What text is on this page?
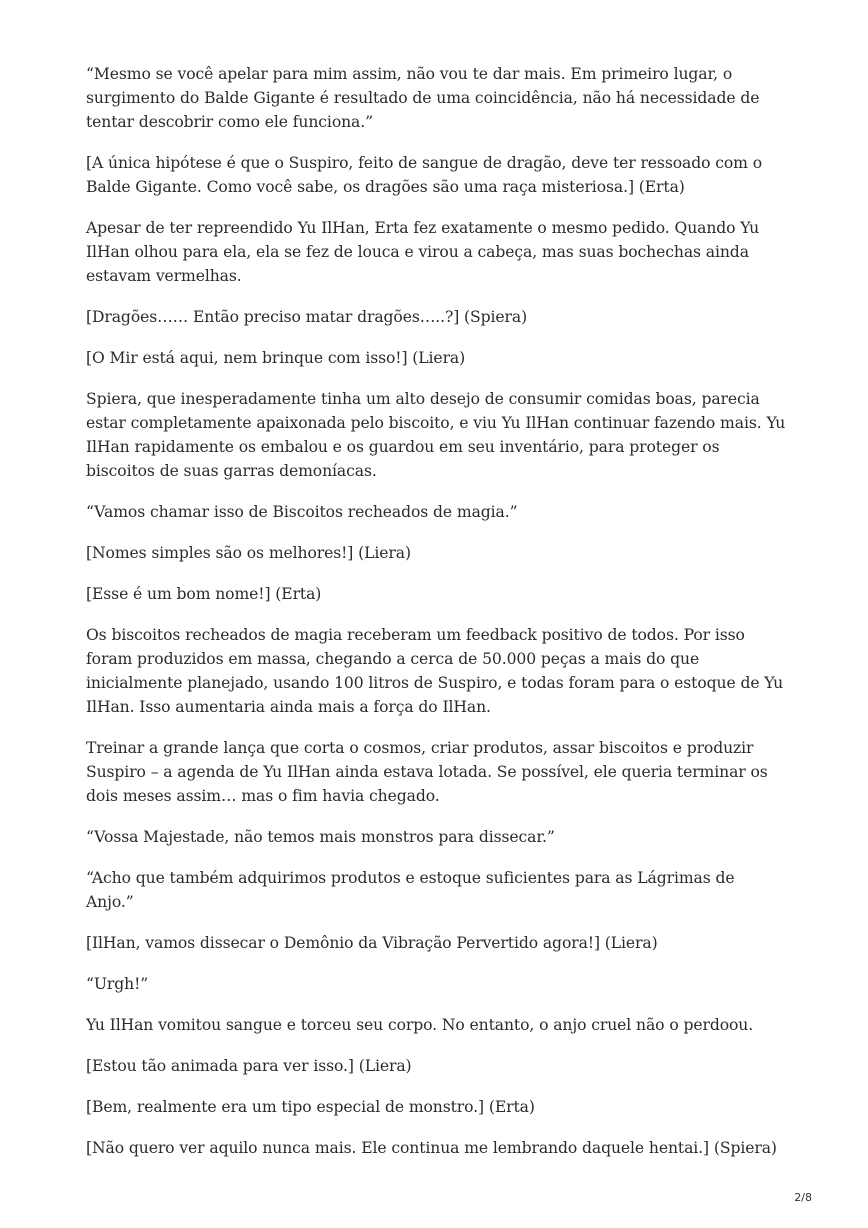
“Mesmo se você apelar para mim assim, não vou te dar mais. Em primeiro lugar, o surgimento do Balde Gigante é resultado de uma coincidência, não há necessidade de tentar descobrir como ele funciona.”

[A única hipótese é que o Suspiro, feito de sangue de dragão, deve ter ressoado com o Balde Gigante. Como você sabe, os dragões são uma raça misteriosa.] (Erta)

Apesar de ter repreendido Yu IlHan, Erta fez exatamente o mesmo pedido. Quando Yu IlHan olhou para ela, ela se fez de louca e virou a cabeça, mas suas bochechas ainda estavam vermelhas.

[Dragões…… Então preciso matar dragões…..?] (Spiera)

[O Mir está aqui, nem brinque com isso!] (Liera)

Spiera, que inesperadamente tinha um alto desejo de consumir comidas boas, parecia estar completamente apaixonada pelo biscoito, e viu Yu IlHan continuar fazendo mais. Yu IlHan rapidamente os embalou e os guardou em seu inventário, para proteger os biscoitos de suas garras demoníacas.

“Vamos chamar isso de Biscoitos recheados de magia.”

[Nomes simples são os melhores!] (Liera)

[Esse é um bom nome!] (Erta)

Os biscoitos recheados de magia receberam um feedback positivo de todos. Por isso foram produzidos em massa, chegando a cerca de 50.000 peças a mais do que inicialmente planejado, usando 100 litros de Suspiro, e todas foram para o estoque de Yu IlHan. Isso aumentaria ainda mais a força do IlHan.

Treinar a grande lança que corta o cosmos, criar produtos, assar biscoitos e produzir Suspiro – a agenda de Yu IlHan ainda estava lotada. Se possível, ele queria terminar os dois meses assim… mas o fim havia chegado.

“Vossa Majestade, não temos mais monstros para dissecar.”

“Acho que também adquirimos produtos e estoque suficientes para as Lágrimas de Anjo.”

[IlHan, vamos dissecar o Demônio da Vibração Pervertido agora!] (Liera)

“Urgh!”

Yu IlHan vomitou sangue e torceu seu corpo. No entanto, o anjo cruel não o perdoou.

[Estou tão animada para ver isso.] (Liera)

[Bem, realmente era um tipo especial de monstro.] (Erta)

[Não quero ver aquilo nunca mais. Ele continua me lembrando daquele hentai.] (Spiera)

2/8
